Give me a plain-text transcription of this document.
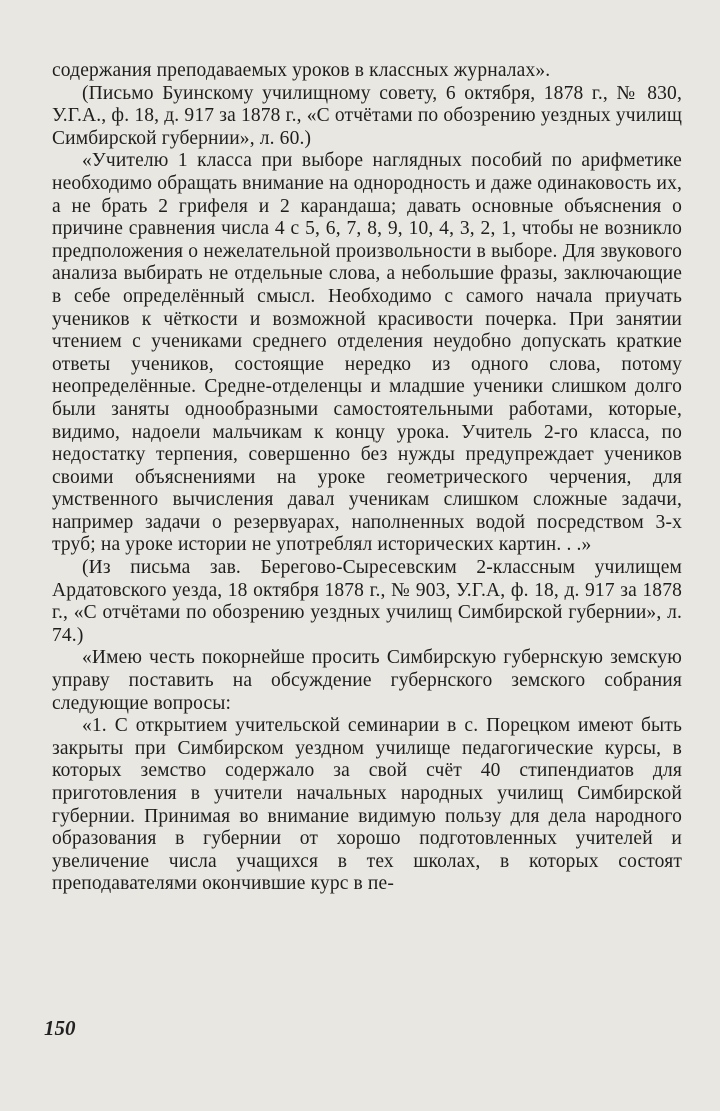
содержания преподаваемых уроков в классных журналах».

(Письмо Буинскому училищному совету, 6 октября, 1878 г., № 830, У.Г.А., ф. 18, д. 917 за 1878 г., «С отчётами по обозрению уездных училищ Симбирской губернии», л. 60.)

«Учителю 1 класса при выборе наглядных пособий по арифметике необходимо обращать внимание на однородность и даже одинаковость их, а не брать 2 грифеля и 2 карандаша; давать основные объяснения о причине сравнения числа 4 с 5, 6, 7, 8, 9, 10, 4, 3, 2, 1, чтобы не возникло предположения о нежелательной произвольности в выборе. Для звукового анализа выбирать не отдельные слова, а небольшие фразы, заключающие в себе определённый смысл. Необходимо с самого начала приучать учеников к чёткости и возможной красивости почерка. При занятии чтением с учениками среднего отделения неудобно допускать краткие ответы учеников, состоящие нередко из одного слова, потому неопределённые. Средне-отделенцы и младшие ученики слишком долго были заняты однообразными самостоятельными работами, которые, видимо, надоели мальчикам к концу урока. Учитель 2-го класса, по недостатку терпения, совершенно без нужды предупреждает учеников своими объяснениями на уроке геометрического черчения, для умственного вычисления давал ученикам слишком сложные задачи, например задачи о резервуарах, наполненных водой посредством 3-х труб; на уроке истории не употреблял исторических картин. . .»

(Из письма зав. Берегово-Сыресевским 2-классным училищем Ардатовского уезда, 18 октября 1878 г., № 903, У.Г.А, ф. 18, д. 917 за 1878 г., «С отчётами по обозрению уездных училищ Симбирской губернии», л. 74.)

«Имею честь покорнейше просить Симбирскую губернскую земскую управу поставить на обсуждение губернского земского собрания следующие вопросы:

«1. С открытием учительской семинарии в с. Порецком имеют быть закрыты при Симбирском уездном училище педагогические курсы, в которых земство содержало за свой счёт 40 стипендиатов для приготовления в учители начальных народных училищ Симбирской губернии. Принимая во внимание видимую пользу для дела народного образования в губернии от хорошо подготовленных учителей и увеличение числа учащихся в тех школах, в которых состоят преподавателями окончившие курс в пе-

150
